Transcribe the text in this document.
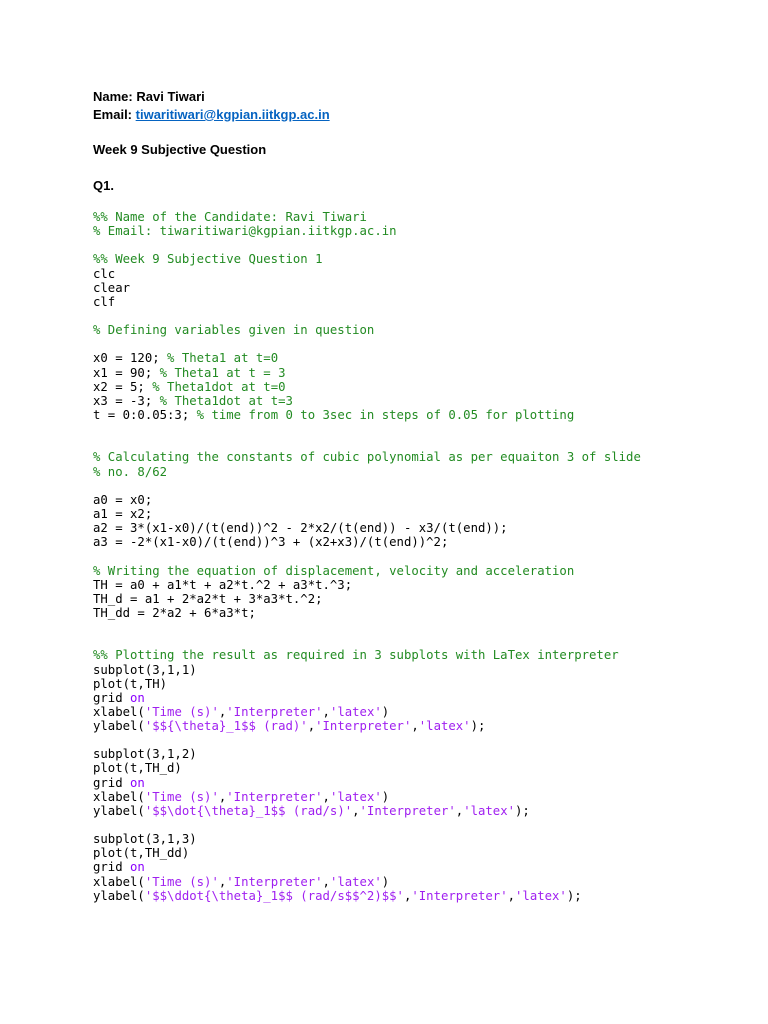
Name: Ravi Tiwari
Email: tiwaritiwari@kgpian.iitkgp.ac.in
Week 9 Subjective Question
Q1.
%% Name of the Candidate: Ravi Tiwari
% Email: tiwaritiwari@kgpian.iitkgp.ac.in

%% Week 9 Subjective Question 1
clc
clear
clf

% Defining variables given in question

x0 = 120; % Theta1 at t=0
x1 = 90; % Theta1 at t = 3
x2 = 5; % Theta1dot at t=0
x3 = -3; % Theta1dot at t=3
t = 0:0.05:3; % time from 0 to 3sec in steps of 0.05 for plotting

% Calculating the constants of cubic polynomial as per equaiton 3 of slide
% no. 8/62

a0 = x0;
a1 = x2;
a2 = 3*(x1-x0)/(t(end))^2 - 2*x2/(t(end)) - x3/(t(end));
a3 = -2*(x1-x0)/(t(end))^3 + (x2+x3)/(t(end))^2;

% Writing the equation of displacement, velocity and acceleration
TH = a0 + a1*t + a2*t.^2 + a3*t.^3;
TH_d = a1 + 2*a2*t + 3*a3*t.^2;
TH_dd = 2*a2 + 6*a3*t;

%% Plotting the result as required in 3 subplots with LaTex interpreter
subplot(3,1,1)
plot(t,TH)
grid on
xlabel('Time (s)','Interpreter','latex')
ylabel('$${\theta}_1$$ (rad)','Interpreter','latex');

subplot(3,1,2)
plot(t,TH_d)
grid on
xlabel('Time (s)','Interpreter','latex')
ylabel('$$\dot{\theta}_1$$ (rad/s)','Interpreter','latex');

subplot(3,1,3)
plot(t,TH_dd)
grid on
xlabel('Time (s)','Interpreter','latex')
ylabel('$$\ddot{\theta}_1$$ (rad/s$$^2)$$','Interpreter','latex');
